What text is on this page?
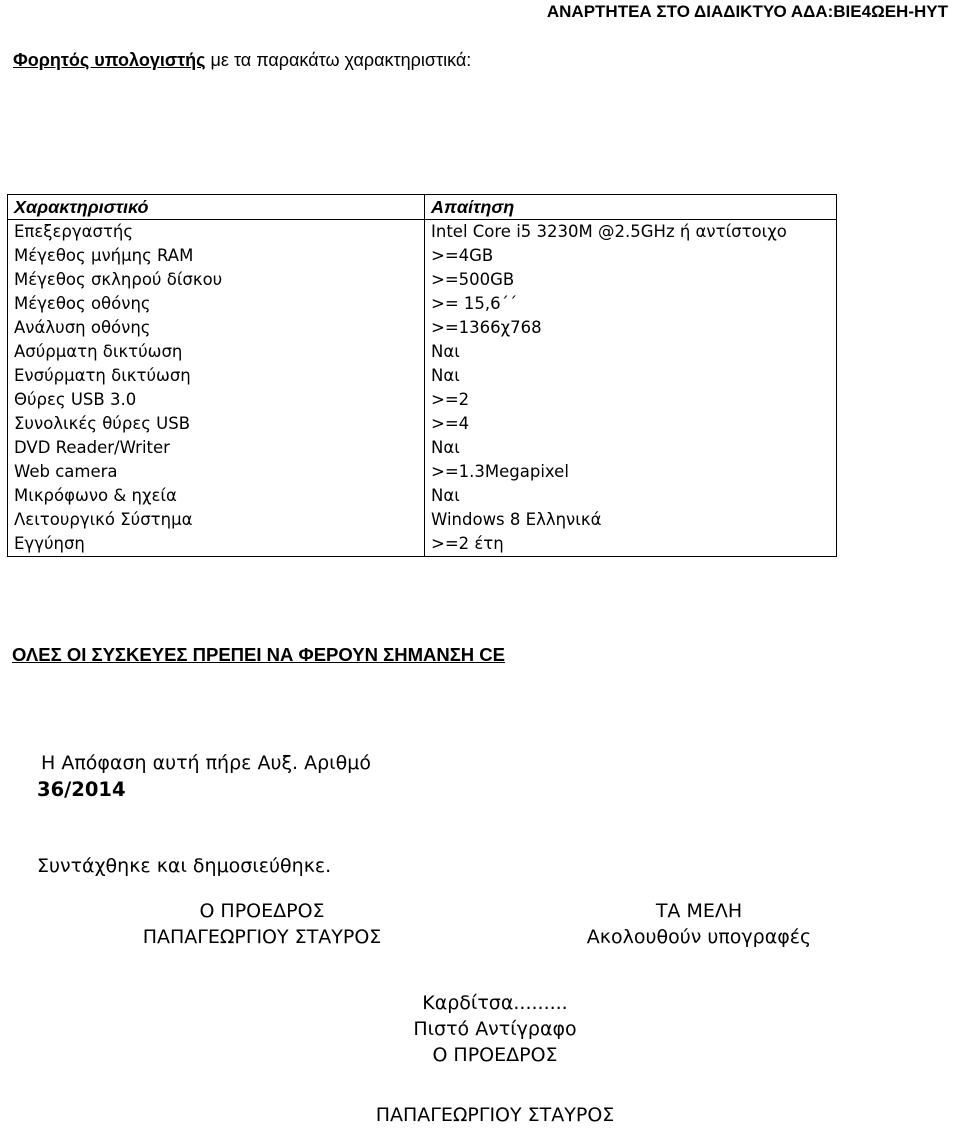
ΑΝΑΡΤΗΤΕΑ ΣΤΟ ΔΙΑΔΙΚΤΥΟ ΑΔΑ:ΒΙΕ4ΩΕΗ-ΗΥΤ
Φορητός υπολογιστής με τα παρακάτω χαρακτηριστικά:
Χαρακτηριστικό	Απαίτηση
Επεξεργαστής	Intel Core i5 3230M @2.5GHz ή αντίστοιχο
Μέγεθος μνήμης RAM	>=4GB
Μέγεθος σκληρού δίσκου	>=500GB
Μέγεθος οθόνης	>= 15,6΄΄
Ανάλυση οθόνης	>=1366χ768
Ασύρματη δικτύωση	Ναι
Ενσύρματη δικτύωση	Ναι
Θύρες USB 3.0	>=2
Συνολικές θύρες USB	>=4
DVD Reader/Writer	Ναι
Web camera	>=1.3Megapixel
Μικρόφωνο & ηχεία	Ναι
Λειτουργικό Σύστημα	Windows 8 Ελληνικά
Εγγύηση	>=2 έτη
ΟΛΕΣ ΟΙ ΣΥΣΚΕΥΕΣ ΠΡΕΠΕΙ ΝΑ ΦΕΡΟΥΝ ΣΗΜΑΝΣΗ CE
Η Απόφαση αυτή πήρε Αυξ. Αριθμό
36/2014
Συντάχθηκε και δημοσιεύθηκε.
Ο ΠΡΟΕΔΡΟΣ
ΠΑΠΑΓΕΩΡΓΙΟΥ ΣΤΑΥΡΟΣ
ΤΑ ΜΕΛΗ
Ακολουθούν υπογραφές
Καρδίτσα.........
Πιστό Αντίγραφο
Ο ΠΡΟΕΔΡΟΣ
ΠΑΠΑΓΕΩΡΓΙΟΥ ΣΤΑΥΡΟΣ
